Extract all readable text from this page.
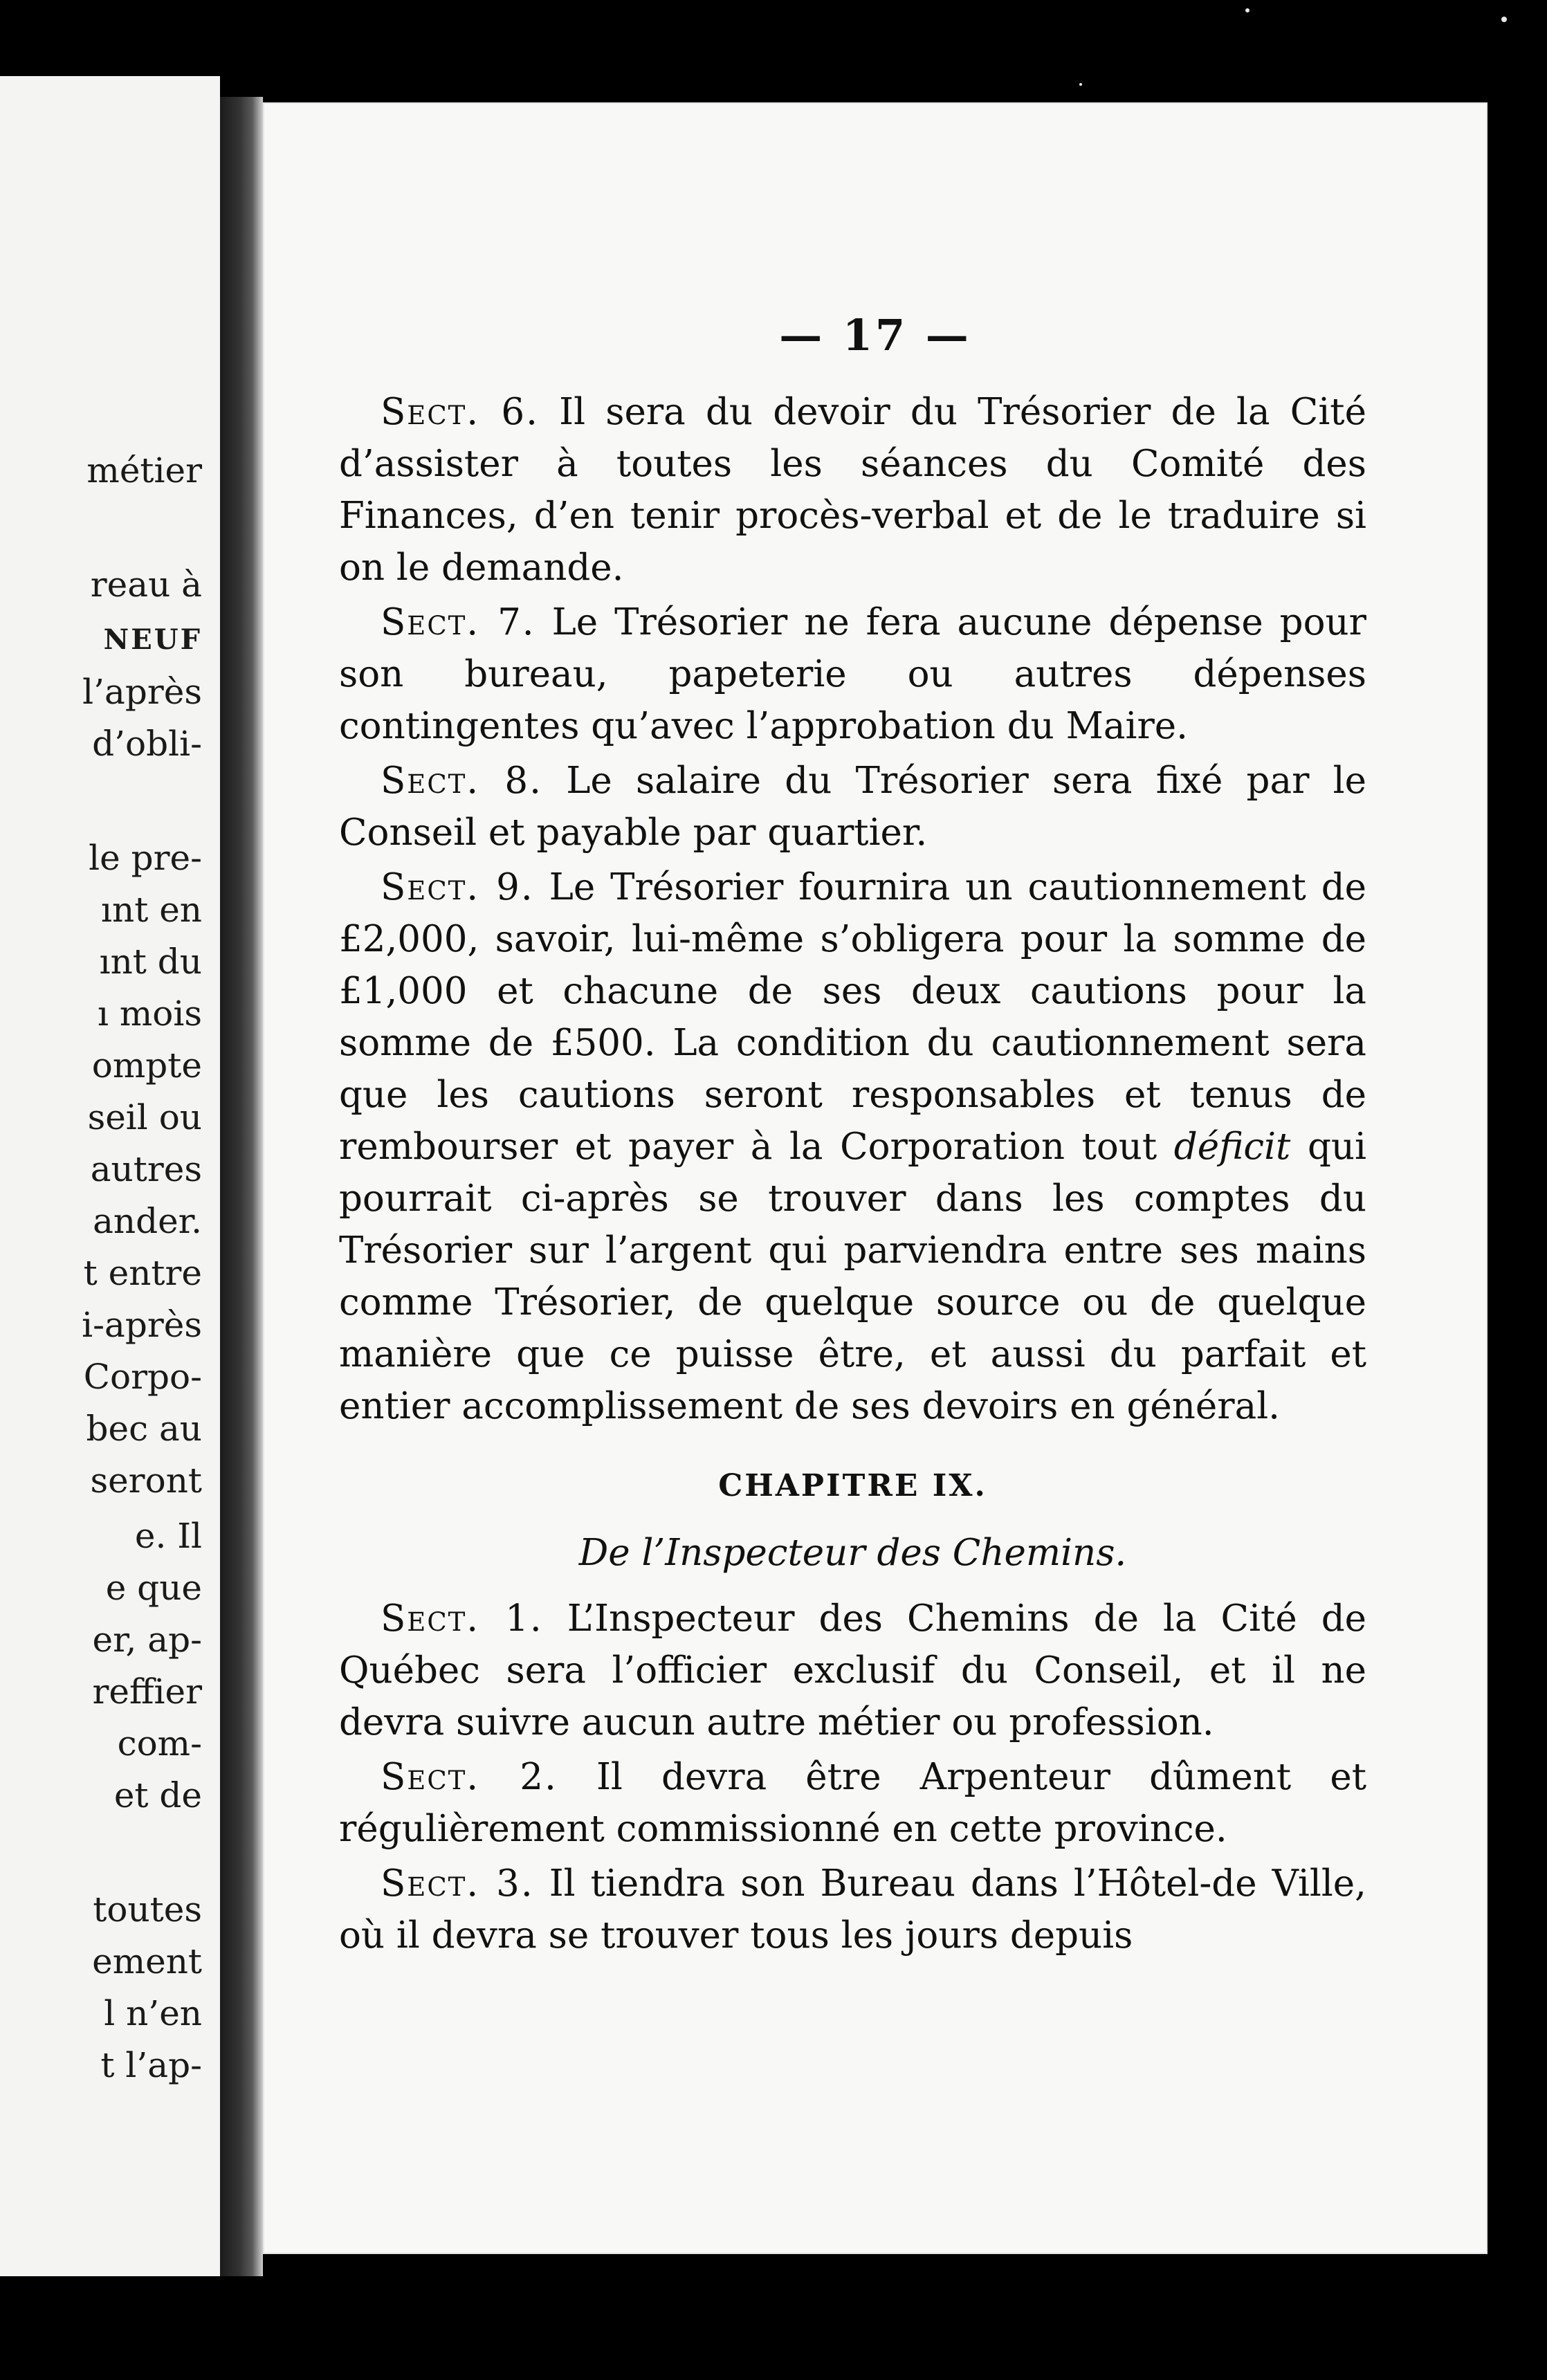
métier
reau à
NEUF
l’après
d’obli-
le pre-
ınt en
ınt du
ı mois
ompte
seil ou
autres
ander.
t entre
i-après
Corpo-
bec au
seront
e. Il
e que
er, ap-
reffier
com-
et de
toutes
ement
l n’en
t l’ap-
— 17 —

Sect. 6. Il sera du devoir du Trésorier de la Cité d’assister à toutes les séances du Comité des Finances, d’en tenir procès-verbal et de le traduire si on le demande.

Sect. 7. Le Trésorier ne fera aucune dépense pour son bureau, papeterie ou autres dépenses contingentes qu’avec l’approbation du Maire.

Sect. 8. Le salaire du Trésorier sera fixé par le Conseil et payable par quartier.

Sect. 9. Le Trésorier fournira un cautionnement de £2,000, savoir, lui-même s’obligera pour la somme de £1,000 et chacune de ses deux cautions pour la somme de £500. La condition du cautionnement sera que les cautions seront responsables et tenus de rembourser et payer à la Corporation tout déficit qui pourrait ci-après se trouver dans les comptes du Trésorier sur l’argent qui parviendra entre ses mains comme Trésorier, de quelque source ou de quelque manière que ce puisse être, et aussi du parfait et entier accomplissement de ses devoirs en général.

CHAPITRE IX.
De l’Inspecteur des Chemins.

Sect. 1. L’Inspecteur des Chemins de la Cité de Québec sera l’officier exclusif du Conseil, et il ne devra suivre aucun autre métier ou profession.

Sect. 2. Il devra être Arpenteur dûment et régulièrement commissionné en cette province.

Sect. 3. Il tiendra son Bureau dans l’Hôtel-de Ville, où il devra se trouver tous les jours depuis
